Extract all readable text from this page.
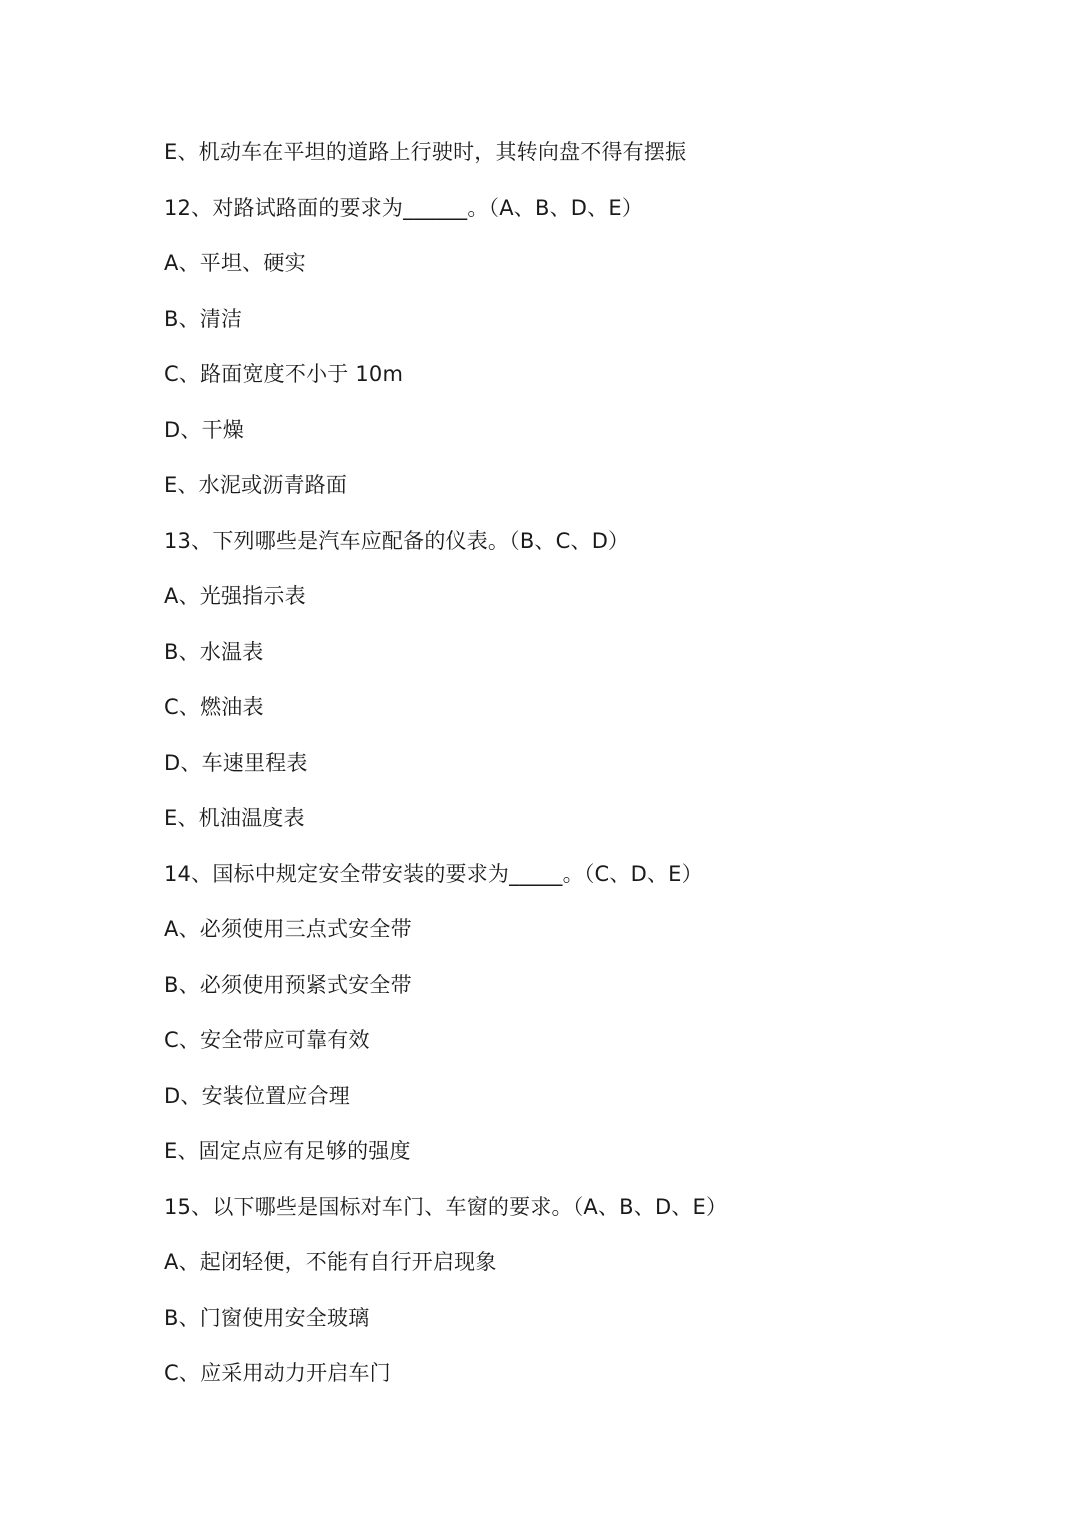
E、机动车在平坦的道路上行驶时，其转向盘不得有摆振
12、对路试路面的要求为______。（A、B、D、E）
A、平坦、硬实
B、清洁
C、路面宽度不小于 10m
D、干燥
E、水泥或沥青路面
13、下列哪些是汽车应配备的仪表。（B、C、D）
A、光强指示表
B、水温表
C、燃油表
D、车速里程表
E、机油温度表
14、国标中规定安全带安装的要求为_____。（C、D、E）
A、必须使用三点式安全带
B、必须使用预紧式安全带
C、安全带应可靠有效
D、安装位置应合理
E、固定点应有足够的强度
15、以下哪些是国标对车门、车窗的要求。（A、B、D、E）
A、起闭轻便，不能有自行开启现象
B、门窗使用安全玻璃
C、应采用动力开启车门
